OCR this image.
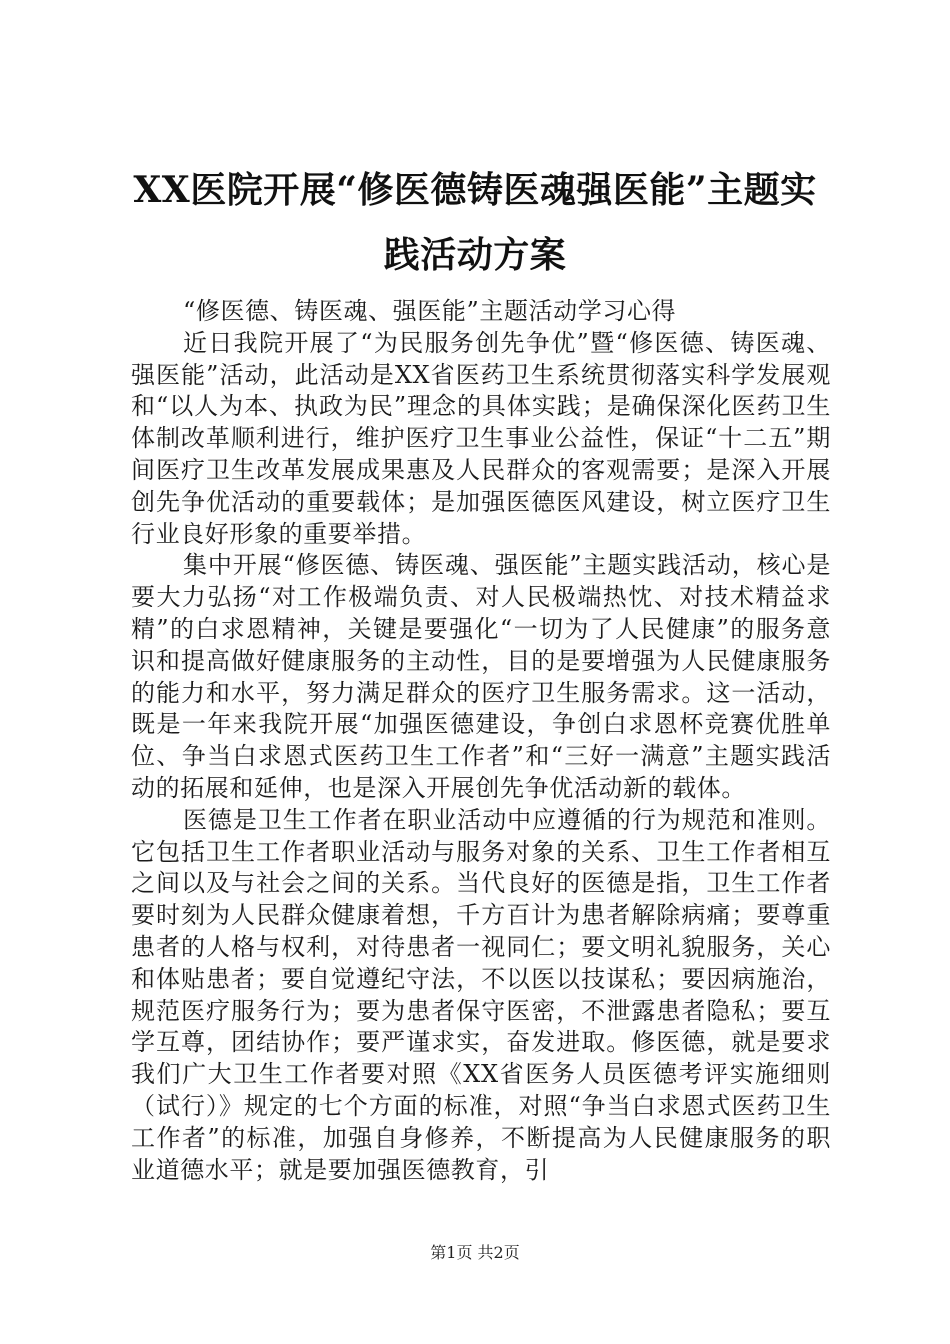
XX医院开展“修医德铸医魂强医能”主题实践活动方案

“修医德、铸医魂、强医能”主题活动学习心得

近日我院开展了“为民服务创先争优”暨“修医德、铸医魂、强医能”活动，此活动是XX省医药卫生系统贯彻落实科学发展观和“以人为本、执政为民”理念的具体实践；是确保深化医药卫生体制改革顺利进行，维护医疗卫生事业公益性，保证“十二五”期间医疗卫生改革发展成果惠及人民群众的客观需要；是深入开展创先争优活动的重要载体；是加强医德医风建设，树立医疗卫生行业良好形象的重要举措。

集中开展“修医德、铸医魂、强医能”主题实践活动，核心是要大力弘扬“对工作极端负责、对人民极端热忱、对技术精益求精”的白求恩精神，关键是要强化“一切为了人民健康”的服务意识和提高做好健康服务的主动性，目的是要增强为人民健康服务的能力和水平，努力满足群众的医疗卫生服务需求。这一活动，既是一年来我院开展“加强医德建设，争创白求恩杯竞赛优胜单位、争当白求恩式医药卫生工作者”和“三好一满意”主题实践活动的拓展和延伸，也是深入开展创先争优活动新的载体。

医德是卫生工作者在职业活动中应遵循的行为规范和准则。它包括卫生工作者职业活动与服务对象的关系、卫生工作者相互之间以及与社会之间的关系。当代良好的医德是指，卫生工作者要时刻为人民群众健康着想，千方百计为患者解除病痛；要尊重患者的人格与权利，对待患者一视同仁；要文明礼貌服务，关心和体贴患者；要自觉遵纪守法，不以医以技谋私；要因病施治，规范医疗服务行为；要为患者保守医密，不泄露患者隐私；要互学互尊，团结协作；要严谨求实，奋发进取。修医德，就是要求我们广大卫生工作者要对照《XX省医务人员医德考评实施细则（试行）》规定的七个方面的标准，对照“争当白求恩式医药卫生工作者”的标准，加强自身修养，不断提高为人民健康服务的职业道德水平；就是要加强医德教育，引

第1页 共2页
